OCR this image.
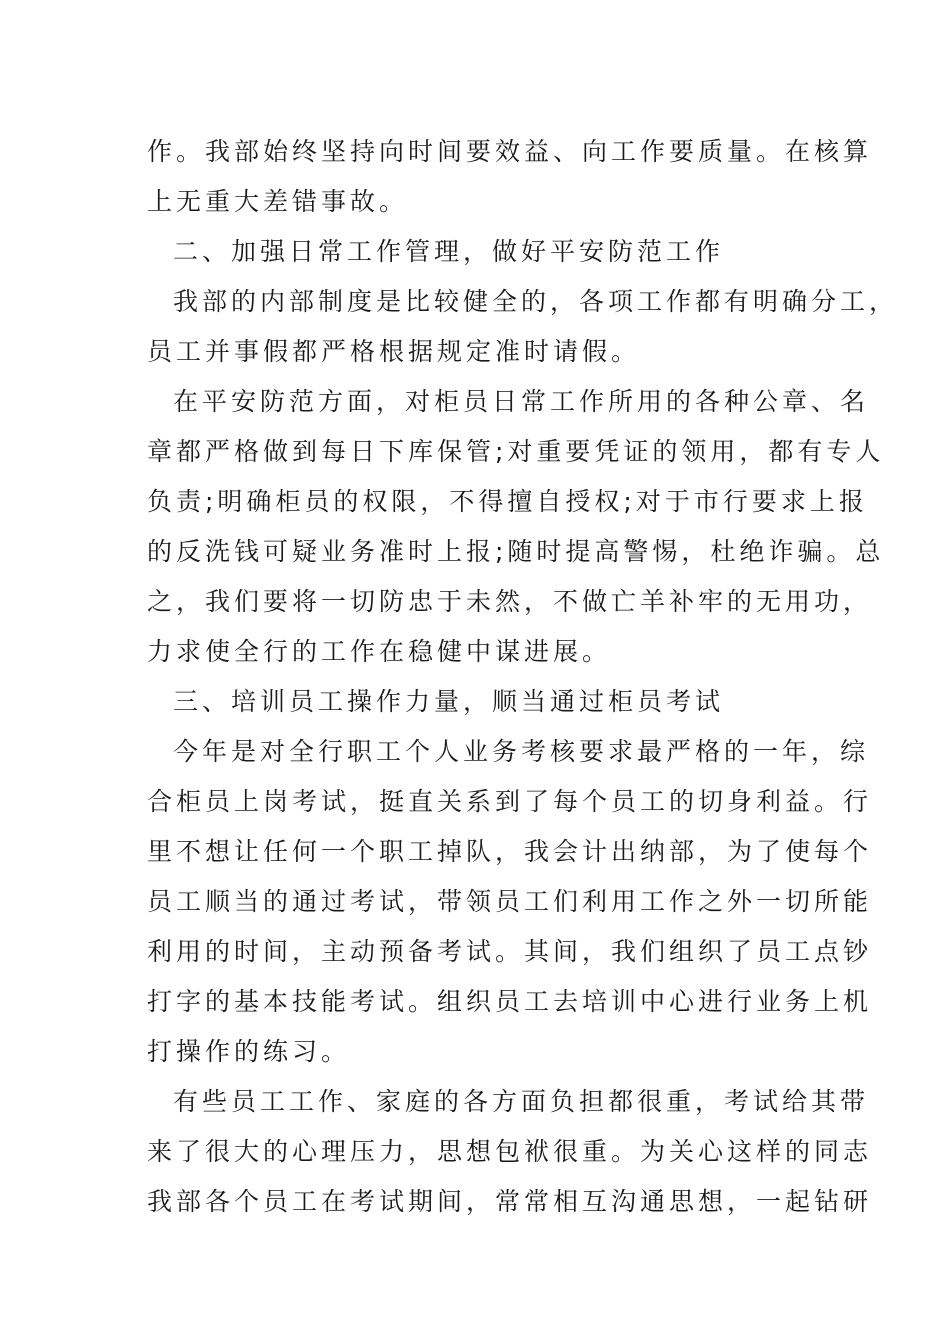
作。我部始终坚持向时间要效益、向工作要质量。在核算
上无重大差错事故。
二、加强日常工作管理，做好平安防范工作
我部的内部制度是比较健全的，各项工作都有明确分工，
员工并事假都严格根据规定准时请假。
在平安防范方面，对柜员日常工作所用的各种公章、名
章都严格做到每日下库保管;对重要凭证的领用，都有专人
负责;明确柜员的权限，不得擅自授权;对于市行要求上报
的反洗钱可疑业务准时上报;随时提高警惕，杜绝诈骗。总
之，我们要将一切防忠于未然，不做亡羊补牢的无用功，
力求使全行的工作在稳健中谋进展。
三、培训员工操作力量，顺当通过柜员考试
今年是对全行职工个人业务考核要求最严格的一年，综
合柜员上岗考试，挺直关系到了每个员工的切身利益。行
里不想让任何一个职工掉队，我会计出纳部，为了使每个
员工顺当的通过考试，带领员工们利用工作之外一切所能
利用的时间，主动预备考试。其间，我们组织了员工点钞
打字的基本技能考试。组织员工去培训中心进行业务上机
打操作的练习。
有些员工工作、家庭的各方面负担都很重，考试给其带
来了很大的心理压力，思想包袱很重。为关心这样的同志
我部各个员工在考试期间，常常相互沟通思想，一起钻研
